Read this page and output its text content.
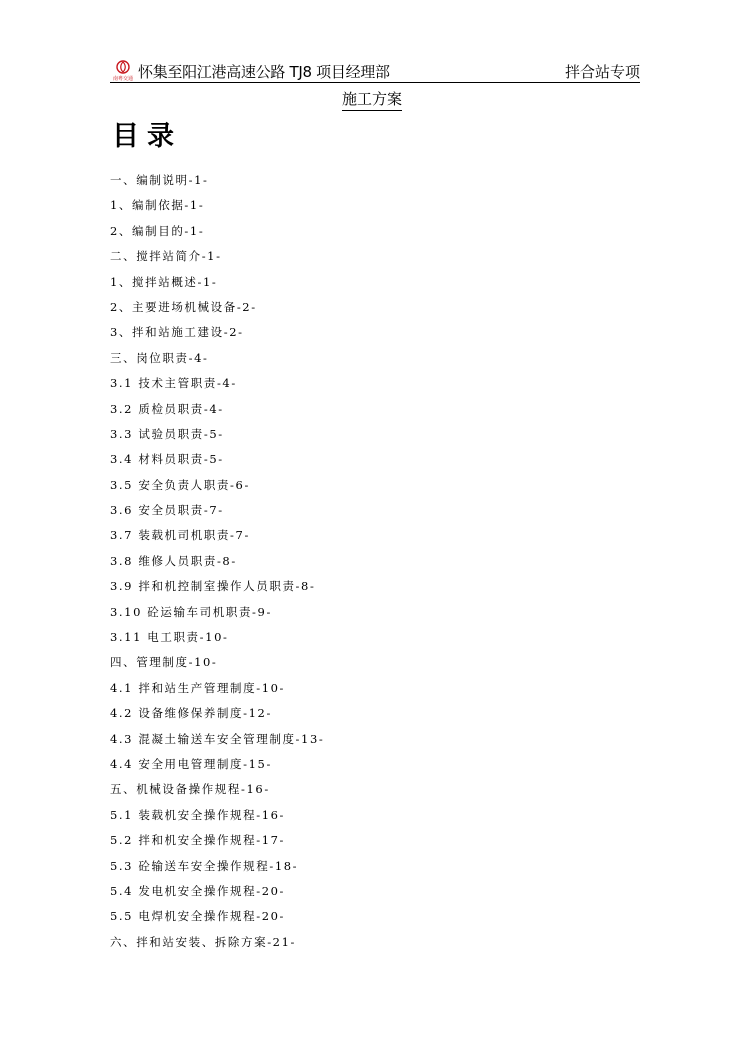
南粤交通 怀集至阳江港高速公路 TJ8 项目经理部	拌合站专项
施工方案
目录
一、编制说明-1-
1、编制依据-1-
2、编制目的-1-
二、搅拌站简介-1-
1、搅拌站概述-1-
2、主要进场机械设备-2-
3、拌和站施工建设-2-
三、岗位职责-4-
3.1 技术主管职责-4-
3.2 质检员职责-4-
3.3 试验员职责-5-
3.4 材料员职责-5-
3.5 安全负责人职责-6-
3.6 安全员职责-7-
3.7 装载机司机职责-7-
3.8 维修人员职责-8-
3.9 拌和机控制室操作人员职责-8-
3.10 砼运输车司机职责-9-
3.11 电工职责-10-
四、管理制度-10-
4.1 拌和站生产管理制度-10-
4.2 设备维修保养制度-12-
4.3 混凝土输送车安全管理制度-13-
4.4 安全用电管理制度-15-
五、机械设备操作规程-16-
5.1 装载机安全操作规程-16-
5.2 拌和机安全操作规程-17-
5.3 砼输送车安全操作规程-18-
5.4 发电机安全操作规程-20-
5.5 电焊机安全操作规程-20-
六、拌和站安装、拆除方案-21-
